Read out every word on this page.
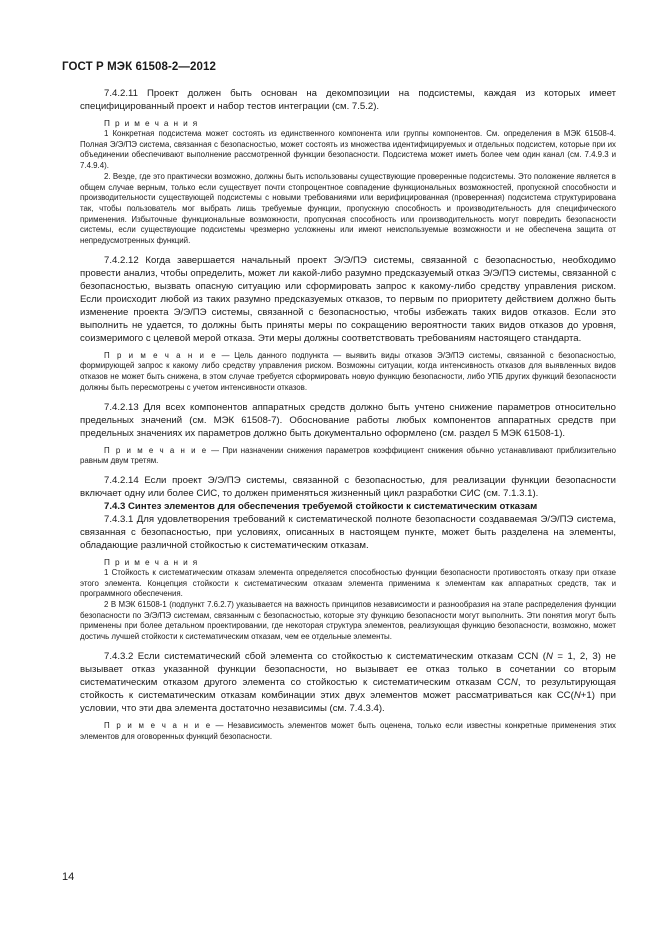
ГОСТ Р МЭК 61508-2—2012

7.4.2.11 Проект должен быть основан на декомпозиции на подсистемы, каждая из которых имеет специфицированный проект и набор тестов интеграции (см. 7.5.2).

П р и м е ч а н и я

1 Конкретная подсистема может состоять из единственного компонента или группы компонентов. См. определения в МЭК 61508-4. Полная Э/Э/ПЭ система, связанная с безопасностью, может состоять из множества идентифицируемых и отдельных подсистем, которые при их объединении обеспечивают выполнение рассмотренной функции безопасности. Подсистема может иметь более чем один канал (см. 7.4.9.3 и 7.4.9.4).

2. Везде, где это практически возможно, должны быть использованы существующие проверенные подсистемы. Это положение является в общем случае верным, только если существует почти стопроцентное совпадение функциональных возможностей, пропускной способности и производительности существующей подсистемы с новыми требованиями или верифицированная (проверенная) подсистема структурирована так, чтобы пользователь мог выбрать лишь требуемые функции, пропускную способность и производительность для специфического применения. Избыточные функциональные возможности, пропускная способность или производительность могут повредить безопасности системы, если существующие подсистемы чрезмерно усложнены или имеют неиспользуемые возможности и не обеспечена защита от непредусмотренных функций.

7.4.2.12 Когда завершается начальный проект Э/Э/ПЭ системы, связанной с безопасностью, необходимо провести анализ, чтобы определить, может ли какой-либо разумно предсказуемый отказ Э/Э/ПЭ системы, связанной с безопасностью, вызвать опасную ситуацию или сформировать запрос к какому-либо средству управления риском. Если происходит любой из таких разумно предсказуемых отказов, то первым по приоритету действием должно быть изменение проекта Э/Э/ПЭ системы, связанной с безопасностью, чтобы избежать таких видов отказов. Если это выполнить не удается, то должны быть приняты меры по сокращению вероятности таких видов отказов до уровня, соизмеримого с целевой мерой отказа. Эти меры должны соответствовать требованиям настоящего стандарта.

П р и м е ч а н и е — Цель данного подпункта — выявить виды отказов Э/Э/ПЭ системы, связанной с безопасностью, формирующей запрос к какому либо средству управления риском. Возможны ситуации, когда интенсивность отказов для выявленных видов отказов не может быть снижена, в этом случае требуется сформировать новую функцию безопасности, либо УПБ других функций безопасности должны быть пересмотрены с учетом интенсивности отказов.

7.4.2.13 Для всех компонентов аппаратных средств должно быть учтено снижение параметров относительно предельных значений (см. МЭК 61508-7). Обоснование работы любых компонентов аппаратных средств при предельных значениях их параметров должно быть документально оформлено (см. раздел 5 МЭК 61508-1).

П р и м е ч а н и е — При назначении снижения параметров коэффициент снижения обычно устанавливают приблизительно равным двум третям.

7.4.2.14 Если проект Э/Э/ПЭ системы, связанной с безопасностью, для реализации функции безопасности включает одну или более СИС, то должен применяться жизненный цикл разработки СИС (см. 7.1.3.1).

7.4.3 Синтез элементов для обеспечения требуемой стойкости к систематическим отказам

7.4.3.1 Для удовлетворения требований к систематической полноте безопасности создаваемая Э/Э/ПЭ система, связанная с безопасностью, при условиях, описанных в настоящем пункте, может быть разделена на элементы, обладающие различной стойкостью к систематическим отказам.

П р и м е ч а н и я

1 Стойкость к систематическим отказам элемента определяется способностью функции безопасности противостоять отказу при отказе этого элемента. Концепция стойкости к систематическим отказам элемента применима к элементам как аппаратных средств, так и программного обеспечения.

2 В МЭК 61508-1 (подпункт 7.6.2.7) указывается на важность принципов независимости и разнообразия на этапе распределения функции безопасности по Э/Э/ПЭ системам, связанным с безопасностью, которые эту функцию безопасности могут выполнить. Эти понятия могут быть применены при более детальном проектировании, где некоторая структура элементов, реализующая функцию безопасности, возможно, может достичь лучшей стойкости к систематическим отказам, чем ее отдельные элементы.

7.4.3.2 Если систематический сбой элемента со стойкостью к систематическим отказам CCN (N = 1, 2, 3) не вызывает отказ указанной функции безопасности, но вызывает ее отказ только в сочетании со вторым систематическим отказом другого элемента со стойкостью к систематическим отказам CCN, то результирующая стойкость к систематическим отказам комбинации этих двух элементов может рассматриваться как CC(N+1) при условии, что эти два элемента достаточно независимы (см. 7.4.3.4).

П р и м е ч а н и е — Независимость элементов может быть оценена, только если известны конкретные применения этих элементов для оговоренных функций безопасности.

14
